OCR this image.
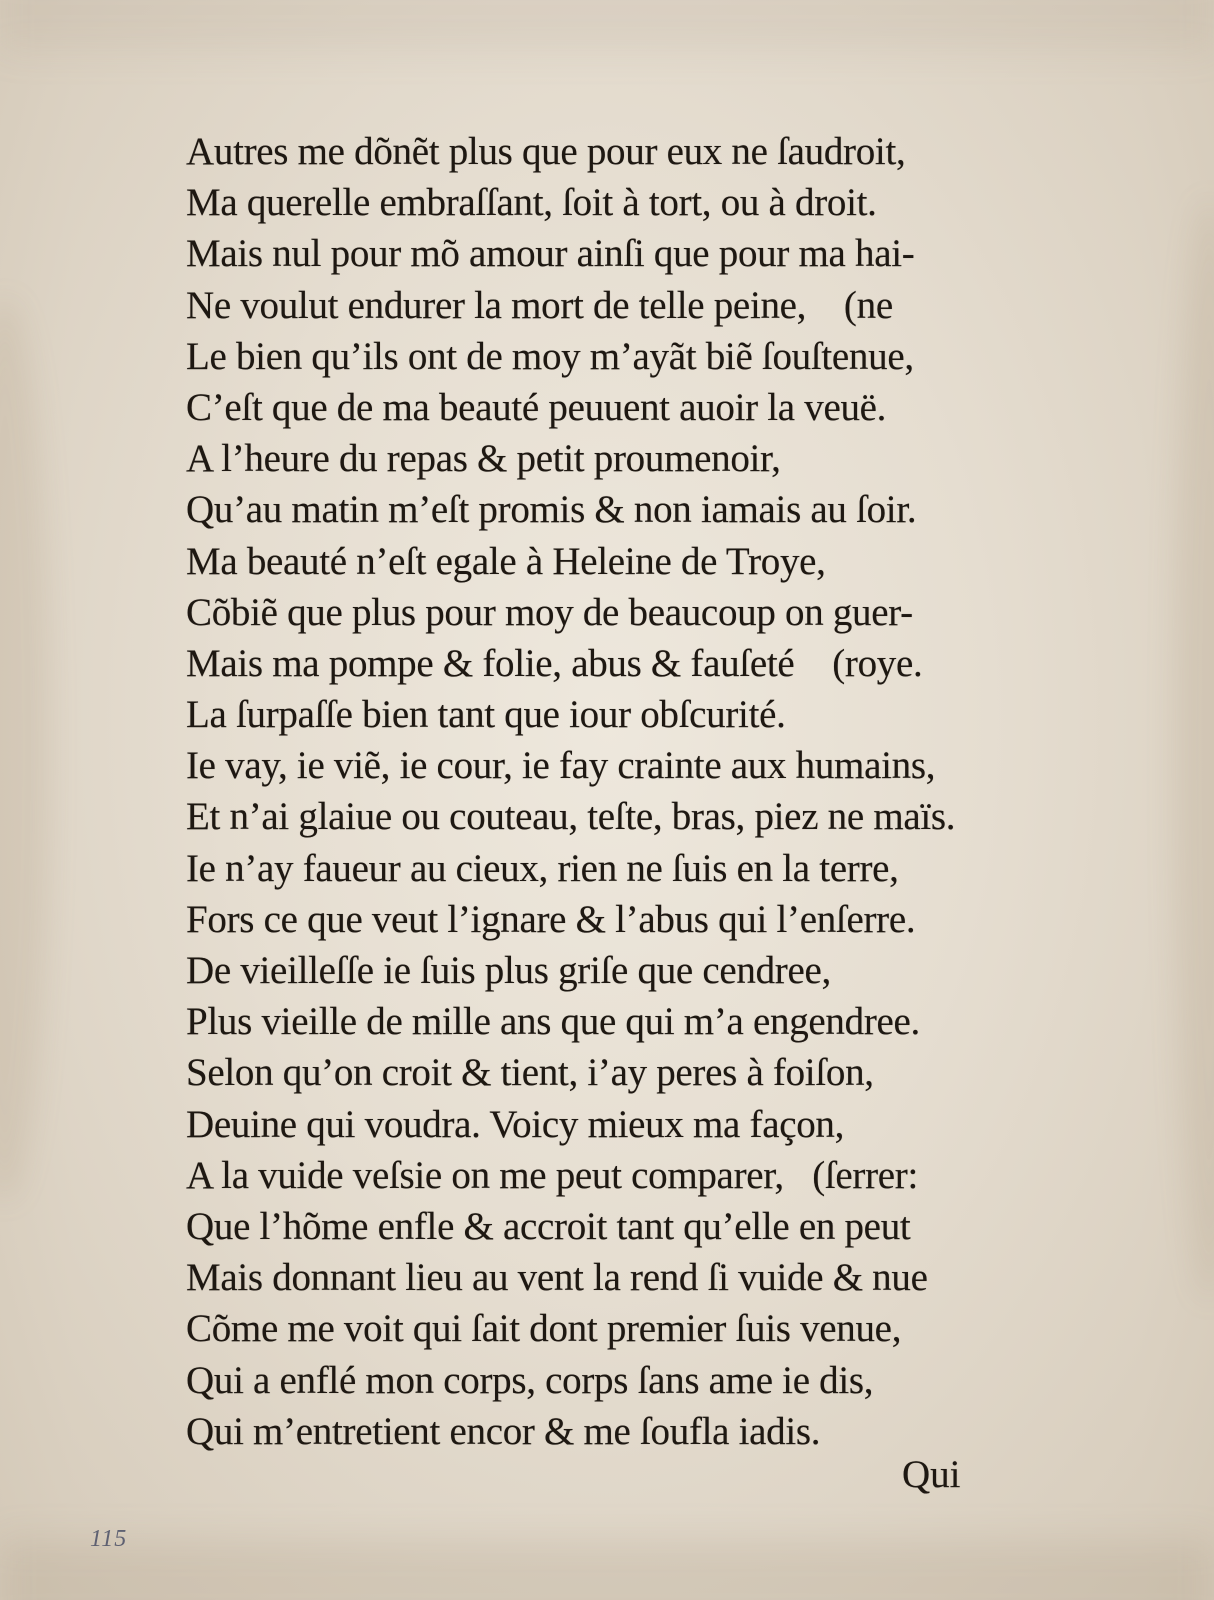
Autres me dõnẽt plus que pour eux ne ſaudroit,
Ma querelle embraſſant, ſoit à tort, ou à droit.
Mais nul pour mõ amour ainſi que pour ma hai-
Ne voulut endurer la mort de telle peine,    (ne
Le bien qu’ils ont de moy m’ayãt biẽ ſouſtenue,
C’eſt que de ma beauté peuuent auoir la veuë.
A l’heure du repas & petit proumenoir,
Qu’au matin m’eſt promis & non iamais au ſoir.
Ma beauté n’eſt egale à Heleine de Troye,
Cõbiẽ que plus pour moy de beaucoup on guer-
Mais ma pompe & folie, abus & fauſeté    (roye.
La ſurpaſſe bien tant que iour obſcurité.
Ie vay, ie viẽ, ie cour, ie fay crainte aux humains,
Et n’ai glaiue ou couteau, teſte, bras, piez ne maïs.
Ie n’ay faueur au cieux, rien ne ſuis en la terre,
Fors ce que veut l’ignare & l’abus qui l’enſerre.
De vieilleſſe ie ſuis plus griſe que cendree,
Plus vieille de mille ans que qui m’a engendree.
Selon qu’on croit & tient, i’ay peres à foiſon,
Deuine qui voudra. Voicy mieux ma façon,
A la vuide veſsie on me peut comparer,   (ſerrer:
Que l’hõme enfle & accroit tant qu’elle en peut
Mais donnant lieu au vent la rend ſi vuide & nue
Cõme me voit qui ſait dont premier ſuis venue,
Qui a enflé mon corps, corps ſans ame ie dis,
Qui m’entretient encor & me ſoufla iadis.
Qui
115
